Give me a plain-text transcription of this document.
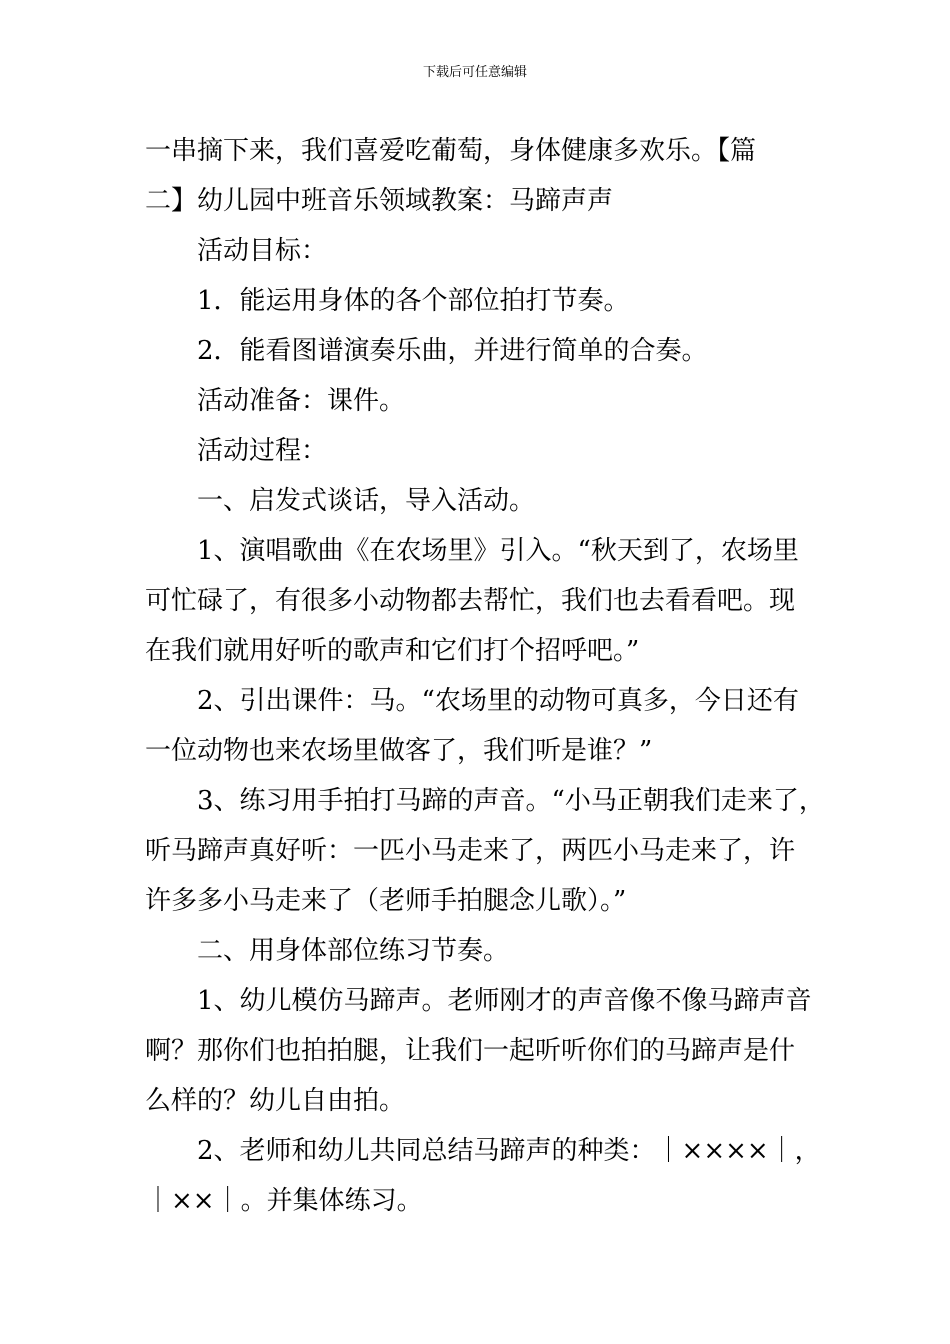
下载后可任意编辑
一串摘下来，我们喜爱吃葡萄，身体健康多欢乐。【篇
二】幼儿园中班音乐领域教案：马蹄声声
活动目标：
1．能运用身体的各个部位拍打节奏。
2．能看图谱演奏乐曲，并进行简单的合奏。
活动准备：课件。
活动过程：
一、启发式谈话，导入活动。
1、演唱歌曲《在农场里》引入。“秋天到了，农场里
可忙碌了，有很多小动物都去帮忙，我们也去看看吧。现
在我们就用好听的歌声和它们打个招呼吧。”
2、引出课件：马。“农场里的动物可真多，今日还有
一位动物也来农场里做客了，我们听是谁？”
3、练习用手拍打马蹄的声音。“小马正朝我们走来了，
听马蹄声真好听：一匹小马走来了，两匹小马走来了，许
许多多小马走来了（老师手拍腿念儿歌）。”
二、用身体部位练习节奏。
1、幼儿模仿马蹄声。老师刚才的声音像不像马蹄声音
啊？那你们也拍拍腿，让我们一起听听你们的马蹄声是什
么样的？幼儿自由拍。
2、老师和幼儿共同总结马蹄声的种类：｜××××｜，
｜××｜。并集体练习。
